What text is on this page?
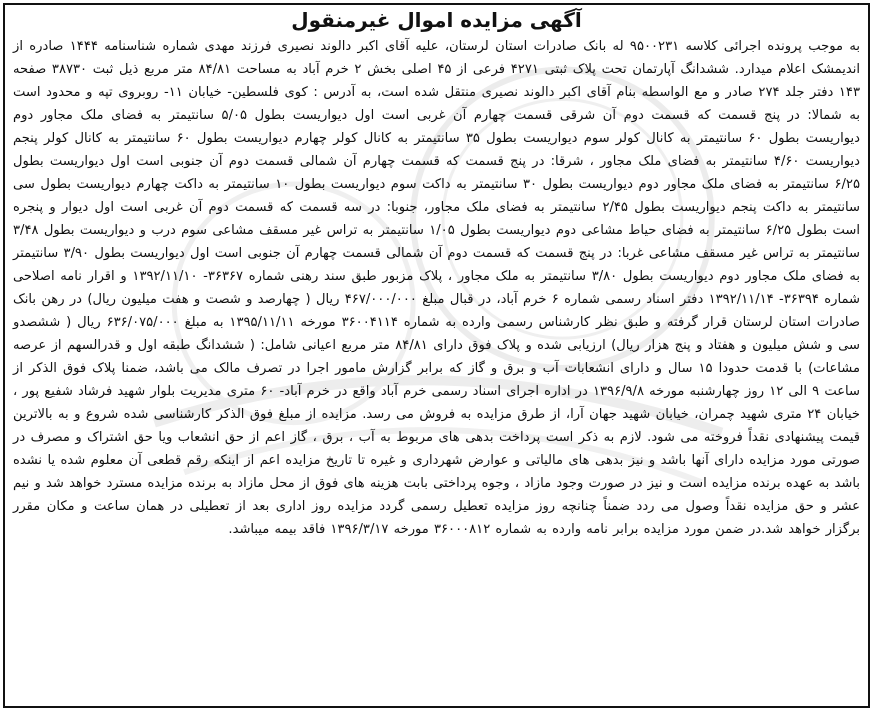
آگهی مزایده اموال غیرمنقول

به موجب پرونده اجرائی کلاسه ۹۵۰۰۲۳۱ له بانک صادرات استان لرستان، علیه آقای اکبر دالوند نصیری فرزند مهدی شماره شناسنامه ۱۴۴۴ صادره از اندیمشک اعلام میدارد. ششدانگ آپارتمان تحت پلاک ثبتی ۴۲۷۱ فرعی از ۴۵ اصلی بخش ۲ خرم آباد به مساحت ۸۴/۸۱ متر مربع ذیل ثبت ۳۸۷۳۰ صفحه ۱۴۳ دفتر جلد ۲۷۴ صادر و مع الواسطه بنام آقای اکبر دالوند نصیری منتقل شده است، به آدرس : کوی فلسطین- خیابان ۱۱- روبروی تپه و محدود است به شمالا: در پنج قسمت که قسمت دوم آن شرقی قسمت چهارم آن غربی است اول دیواریست بطول ۵/۰۵ سانتیمتر به فضای ملک مجاور دوم دیواریست بطول ۶۰ سانتیمتر به کانال کولر سوم دیواریست بطول ۳۵ سانتیمتر به کانال کولر چهارم دیواریست بطول ۶۰ سانتیمتر به کانال کولر پنجم دیواریست ۴/۶۰ سانتیمتر به فضای ملک مجاور ، شرقا: در پنج قسمت که قسمت چهارم آن شمالی قسمت دوم آن جنوبی است اول دیواریست بطول ۶/۲۵ سانتیمتر به فضای ملک مجاور دوم دیواریست بطول ۳۰ سانتیمتر به داکت سوم دیواریست بطول ۱۰ سانتیمتر به داکت چهارم دیواریست بطول سی سانتیمتر به داکت پنجم دیواریست بطول ۲/۴۵ سانتیمتر به فضای ملک مجاور، جنوبا: در سه قسمت که قسمت دوم آن غربی است اول دیوار و پنجره است بطول ۶/۲۵ سانتیمتر به فضای حیاط مشاعی دوم دیواریست بطول ۱/۰۵ سانتیمتر به تراس غیر مسقف مشاعی سوم درب و دیواریست بطول ۳/۴۸ سانتیمتر به تراس غیر مسقف مشاعی غربا: در پنج قسمت که قسمت دوم آن شمالی قسمت چهارم آن جنوبی است اول دیواریست بطول ۳/۹۰ سانتیمتر به فضای ملک مجاور دوم دیواریست بطول ۳/۸۰ سانتیمتر به ملک مجاور ، پلاک مزبور طبق سند رهنی شماره ۳۶۳۶۷- ۱۳۹۲/۱۱/۱۰ و اقرار نامه اصلاحی شماره ۳۶۳۹۴- ۱۳۹۲/۱۱/۱۴ دفتر اسناد رسمی شماره ۶ خرم آباد، در قبال مبلغ ۴۶۷/۰۰۰/۰۰۰ ریال ( چهارصد و شصت و هفت میلیون ریال) در رهن بانک صادرات استان لرستان قرار گرفته و طبق نظر کارشناس رسمی وارده به شماره ۳۶۰۰۴۱۱۴ مورخه ۱۳۹۵/۱۱/۱۱ به مبلغ ۶۳۶/۰۷۵/۰۰۰ ریال ( ششصدو سی و شش میلیون و هفتاد و پنج هزار ریال) ارزیابی شده و پلاک فوق دارای ۸۴/۸۱ متر مربع اعیانی شامل: ( ششدانگ طبقه اول و قدرالسهم از عرصه مشاعات) با قدمت حدودا ۱۵ سال و دارای انشعابات آب و برق و گاز که برابر گزارش مامور اجرا در تصرف مالک می باشد، ضمنا پلاک فوق الذکر از ساعت ۹ الی ۱۲ روز چهارشنبه مورخه ۱۳۹۶/۹/۸ در اداره اجرای اسناد رسمی خرم آباد واقع در خرم آباد- ۶۰ متری مدیریت بلوار شهید فرشاد شفیع پور ، خیابان ۲۴ متری شهید چمران، خیابان شهید جهان آرا، از طرق مزایده به فروش می رسد. مزایده از مبلغ فوق الذکر کارشناسی شده شروع و به بالاترین قیمت پیشنهادی نقداً فروخته می شود. لازم به ذکر است پرداخت بدهی های مربوط به آب ، برق ، گاز اعم از حق انشعاب ویا حق اشتراک و مصرف در صورتی مورد مزایده دارای آنها باشد و نیز بدهی های مالیاتی و عوارض شهرداری و غیره تا تاریخ مزایده اعم از اینکه رقم قطعی آن معلوم شده یا نشده باشد به عهده برنده مزایده است و نیز در صورت وجود مازاد ، وجوه پرداختی بابت هزینه های فوق از محل مازاد به برنده مزایده مسترد خواهد شد و نیم عشر و حق مزایده نقداً وصول می ردد ضمناً چنانچه روز مزایده تعطیل رسمی گردد مزایده روز اداری بعد از تعطیلی در همان ساعت و مکان مقرر برگزار خواهد شد.در ضمن مورد مزایده برابر نامه وارده به شماره ۳۶۰۰۰۸۱۲ مورخه ۱۳۹۶/۳/۱۷ فاقد بیمه میباشد.
